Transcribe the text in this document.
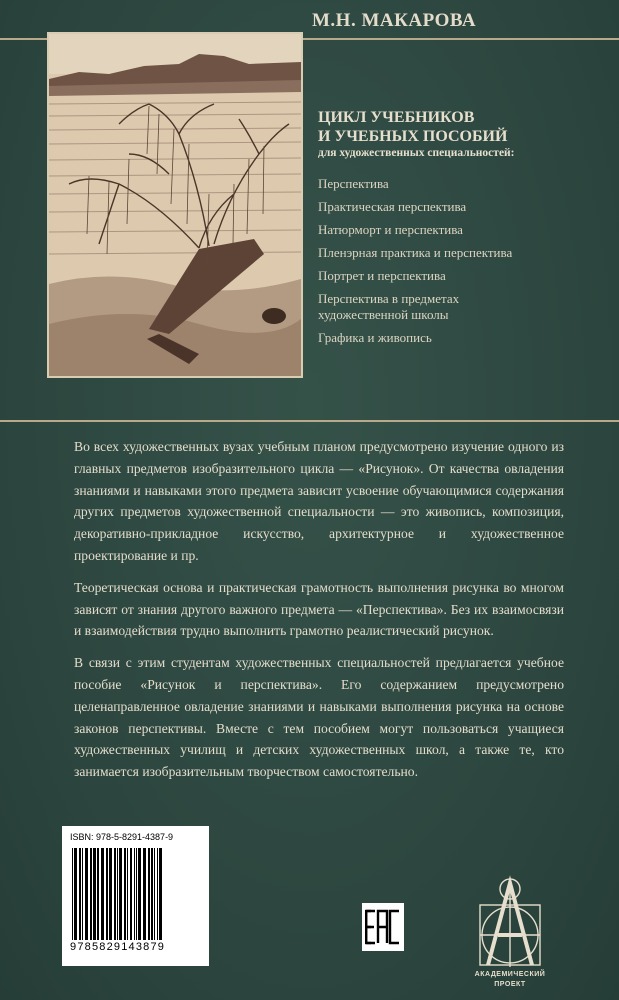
М.Н. МАКАРОВА
ЦИКЛ УЧЕБНИКОВ
И УЧЕБНЫХ ПОСОБИЙ
для художественных специальностей:
Перспектива
Практическая перспектива
Натюрморт и перспектива
Пленэрная практика и перспектива
Портрет и перспектива
Перспектива в предметах художественной школы
Графика и живопись

Во всех художественных вузах учебным планом предусмотрено изучение одного из главных предметов изобразительного цикла — «Рисунок». От качества овладения знаниями и навыками этого предмета зависит усвоение обучающимися содержания других предметов художественной специальности — это живопись, композиция, декоративно-прикладное искусство, архитектурное и художественное проектирование и пр.

Теоретическая основа и практическая грамотность выполнения рисунка во многом зависят от знания другого важного предмета — «Перспектива». Без их взаимосвязи и взаимодействия трудно выполнить грамотно реалистический рисунок.

В связи с этим студентам художественных специальностей предлагается учебное пособие «Рисунок и перспектива». Его содержанием предусмотрено целенаправленное овладение знаниями и навыками выполнения рисунка на основе законов перспективы. Вместе с тем пособием могут пользоваться учащиеся художественных училищ и детских художественных школ, а также те, кто занимается изобразительным творчеством самостоятельно.

ISBN: 978-5-8291-4387-9
9785829143879
АКАДЕМИЧЕСКИЙ
ПРОЕКТ
